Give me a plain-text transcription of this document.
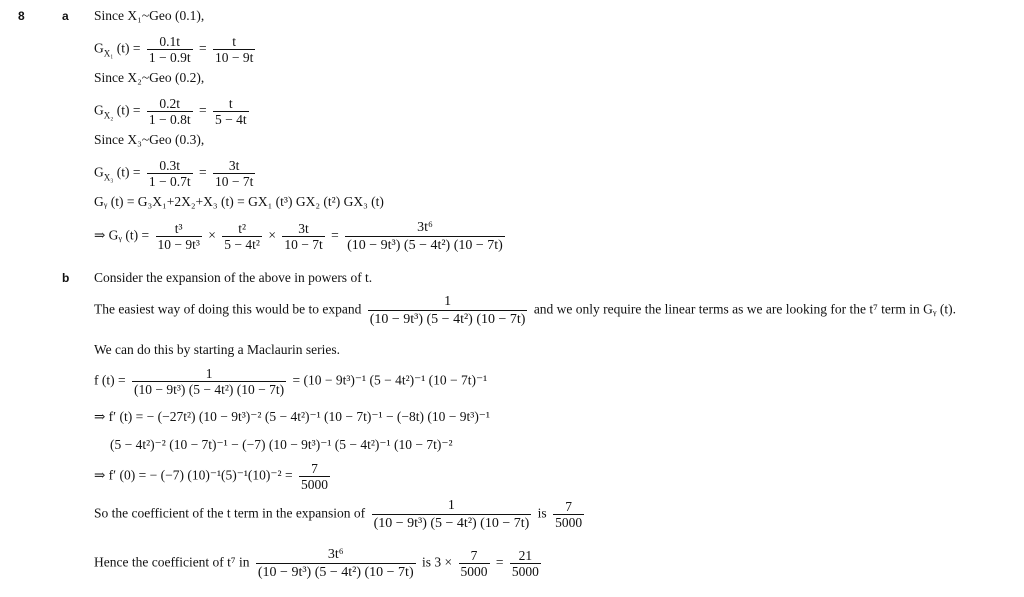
8	a Since X₁~Geo (0.1),
$G_{X_1}$ $(t) = \frac{0.1t}{1 - 0.9t} = \frac{t}{10 - 9t}$
Since X₂~Geo (0.2),
$G_{X_2}$ $(t) = \frac{0.2t}{1 - 0.8t} = \frac{t}{5 - 4t}$
Since X₃~Geo (0.3),
$G_{X_3}$ $(t) = \frac{0.3t}{1 - 0.7t} = \frac{3t}{10 - 7t}$
Gᵧ (t) = G₃X₁+2X₂+X₃ (t) = GX₁ (t³) GX₂ (t²) GX₃ (t)
⇒ Gᵧ $(t) = \frac{\text{t³}}{\text{10 − 9t³}} \times \frac{\text{t²}}{\text{5 − 4t²}} \times \frac{3t}{10 - 7t} = \frac{\text{3t⁶}}{\text{(10 − 9t³) (5 − 4t²) (10 − 7t)}}$
b Consider the expansion of the above in powers of t.
The easiest way of doing this would be to expand $\frac{1}{\text{(10 − 9t³) (5 − 4t²) (10 − 7t)}}$ and we only require the linear terms as we are looking for the t⁷ term in Gᵧ (t).
We can do this by starting a Maclaurin series.
f $(t) = \frac{1}{\text{(10 − 9t³) (5 − 4t²) (10 − 7t)}} = (10 - 9t^3)^{-1}$ (5 − 4t²)⁻¹ (10 − 7t)⁻¹
⇒ f′ (t) = − (−27t²) (10 − 9t³)⁻² (5 − 4t²)⁻¹ (10 − 7t)⁻¹ − (−8t) (10 − 9t³)⁻¹
(5 − 4t²)⁻² (10 − 7t)⁻¹ − (−7) (10 − 9t³)⁻¹ (5 − 4t²)⁻¹ (10 − 7t)⁻²
⇒ f′ (0) = − (−7) $(10)^{-1}(5)^{-1}(10)^{-2} = \frac{7}{5000}$
So the coefficient of the t term in the expansion of $\frac{1}{\text{(10 − 9t³) (5 − 4t²) (10 − 7t)}}$ is $\frac{7}{5000}$
Hence the coefficient of t⁷ in $\frac{\text{3t⁶}}{\text{(10 − 9t³) (5 − 4t²) (10 − 7t)}}$ is $3 \times \frac{7}{5000} = \frac{21}{5000}$
